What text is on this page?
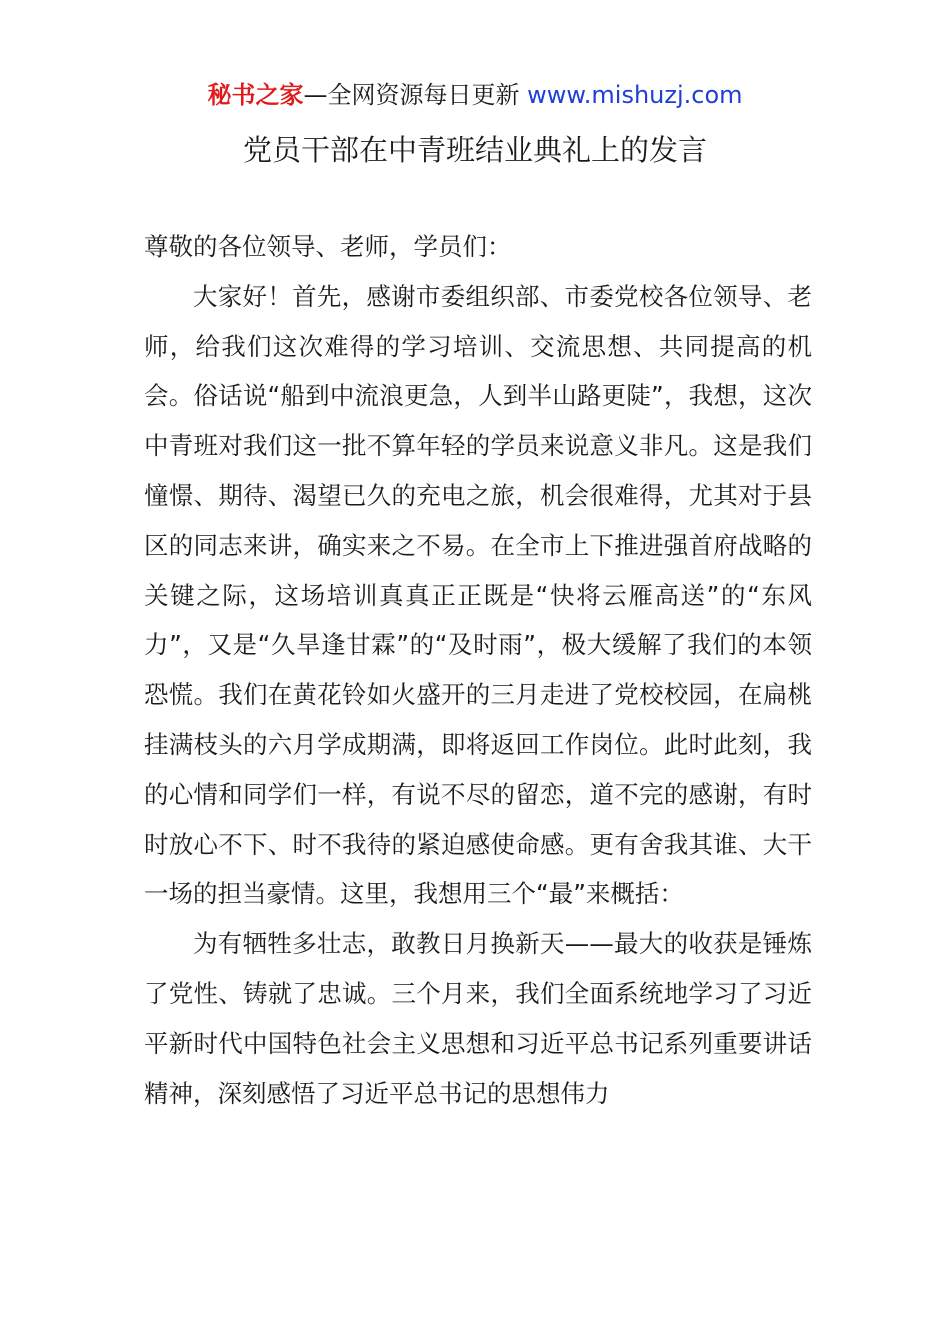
秘书之家—全网资源每日更新 www.mishuzj.com
党员干部在中青班结业典礼上的发言

尊敬的各位领导、老师，学员们：

大家好！首先，感谢市委组织部、市委党校各位领导、老师，给我们这次难得的学习培训、交流思想、共同提高的机会。俗话说“船到中流浪更急，人到半山路更陡”，我想，这次中青班对我们这一批不算年轻的学员来说意义非凡。这是我们憧憬、期待、渴望已久的充电之旅，机会很难得，尤其对于县区的同志来讲，确实来之不易。在全市上下推进强首府战略的关键之际，这场培训真真正正既是“快将云雁高送”的“东风力”，又是“久旱逢甘霖”的“及时雨”，极大缓解了我们的本领恐慌。我们在黄花铃如火盛开的三月走进了党校校园，在扁桃挂满枝头的六月学成期满，即将返回工作岗位。此时此刻，我的心情和同学们一样，有说不尽的留恋，道不完的感谢，有时时放心不下、时不我待的紧迫感使命感。更有舍我其谁、大干一场的担当豪情。这里，我想用三个“最”来概括：

为有牺牲多壮志，敢教日月换新天——最大的收获是锤炼了党性、铸就了忠诚。三个月来，我们全面系统地学习了习近平新时代中国特色社会主义思想和习近平总书记系列重要讲话精神，深刻感悟了习近平总书记的思想伟力
